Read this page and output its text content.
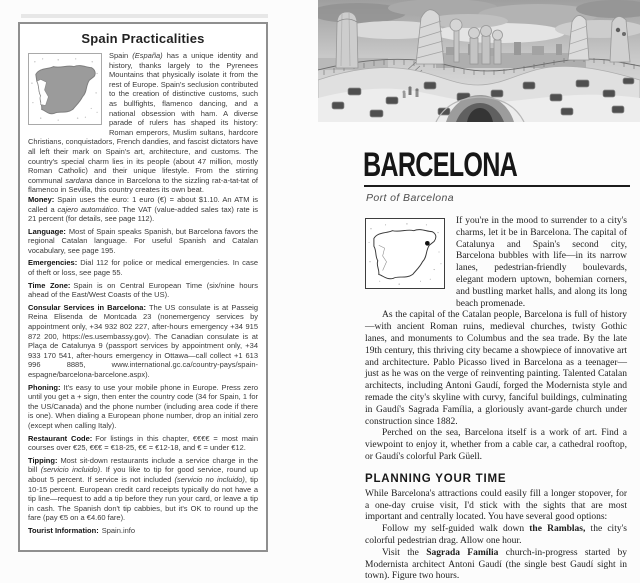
Spain Practicalities
Spain (España) has a unique identity and history, thanks largely to the Pyrenees Mountains that physically isolate it from the rest of Europe. Spain's seclusion contributed to the creation of distinctive customs, such as bullfights, flamenco dancing, and a national obsession with ham. A diverse parade of rulers has shaped its history: Roman emperors, Muslim sultans, hardcore Christians, conquistadors, French dandies, and fascist dictators have all left their mark on Spain's art, architecture, and customs. The country's special charm lies in its people (about 47 million, mostly Roman Catholic) and their unique lifestyle. From the stirring communal sardana dance in Barcelona to the sizzling rat-a-tat-tat of flamenco in Sevilla, this country creates its own beat.

Money: Spain uses the euro: 1 euro (€) = about $1.10. An ATM is called a cajero automático. The VAT (value-added sales tax) rate is 21 percent (for details, see page 112).

Language: Most of Spain speaks Spanish, but Barcelona favors the regional Catalan language. For useful Spanish and Catalan vocabulary, see page 195.

Emergencies: Dial 112 for police or medical emergencies. In case of theft or loss, see page 55.

Time Zone: Spain is on Central European Time (six/nine hours ahead of the East/West Coasts of the US).

Consular Services in Barcelona: The US consulate is at Passeig Reina Elisenda de Montcada 23 (nonemergency services by appointment only, +34 932 802 227, after-hours emergency +34 915 872 200, https://es.usembassy.gov). The Canadian consulate is at Plaça de Catalunya 9 (passport services by appointment only, +34 933 170 541, after-hours emergency in Ottawa—call collect +1 613 996 8885, www.international.gc.ca/country-pays/spain-espagne/barcelona-barcelone.aspx).

Phoning: It's easy to use your mobile phone in Europe. Press zero until you get a + sign, then enter the country code (34 for Spain, 1 for the US/Canada) and the phone number (including area code if there is one). When dialing a European phone number, drop an initial zero (except when calling Italy).

Restaurant Code: For listings in this chapter, €€€€ = most main courses over €25, €€€ = €18-25, €€ = €12-18, and € = under €12.

Tipping: Most sit-down restaurants include a service charge in the bill (servicio incluido). If you like to tip for good service, round up about 5 percent. If service is not included (servicio no incluido), tip 10-15 percent. European credit card receipts typically do not have a tip line—request to add a tip before they run your card, or leave a tip in cash. The Spanish don't tip cabbies, but it's OK to round up the fare (pay €5 on a €4.60 fare).

Tourist Information: Spain.info

BARCELONA
Port of Barcelona

If you're in the mood to surrender to a city's charms, let it be in Barcelona. The capital of Catalunya and Spain's second city, Barcelona bubbles with life—in its narrow lanes, pedestrian-friendly boulevards, elegant modern uptown, bohemian corners, and bustling market halls, and along its long beach promenade.

As the capital of the Catalan people, Barcelona is full of history—with ancient Roman ruins, medieval churches, twisty Gothic lanes, and monuments to Columbus and the sea trade. By the late 19th century, this thriving city became a showpiece of innovative art and architecture. Pablo Picasso lived in Barcelona as a teenager—just as he was on the verge of reinventing painting. Talented Catalan architects, including Antoni Gaudí, forged the Modernista style and remade the city's skyline with curvy, fanciful buildings, culminating in Gaudí's Sagrada Família, a gloriously avant-garde church under construction since 1882.

Perched on the sea, Barcelona itself is a work of art. Find a viewpoint to enjoy it, whether from a cable car, a cathedral rooftop, or Gaudí's colorful Park Güell.

PLANNING YOUR TIME

While Barcelona's attractions could easily fill a longer stopover, for a one-day cruise visit, I'd stick with the sights that are most important and centrally located. You have several good options:

Follow my self-guided walk down the Ramblas, the city's colorful pedestrian drag. Allow one hour.

Visit the Sagrada Família church-in-progress started by Modernista architect Antoni Gaudí (the single best Gaudí sight in town). Figure two hours.
